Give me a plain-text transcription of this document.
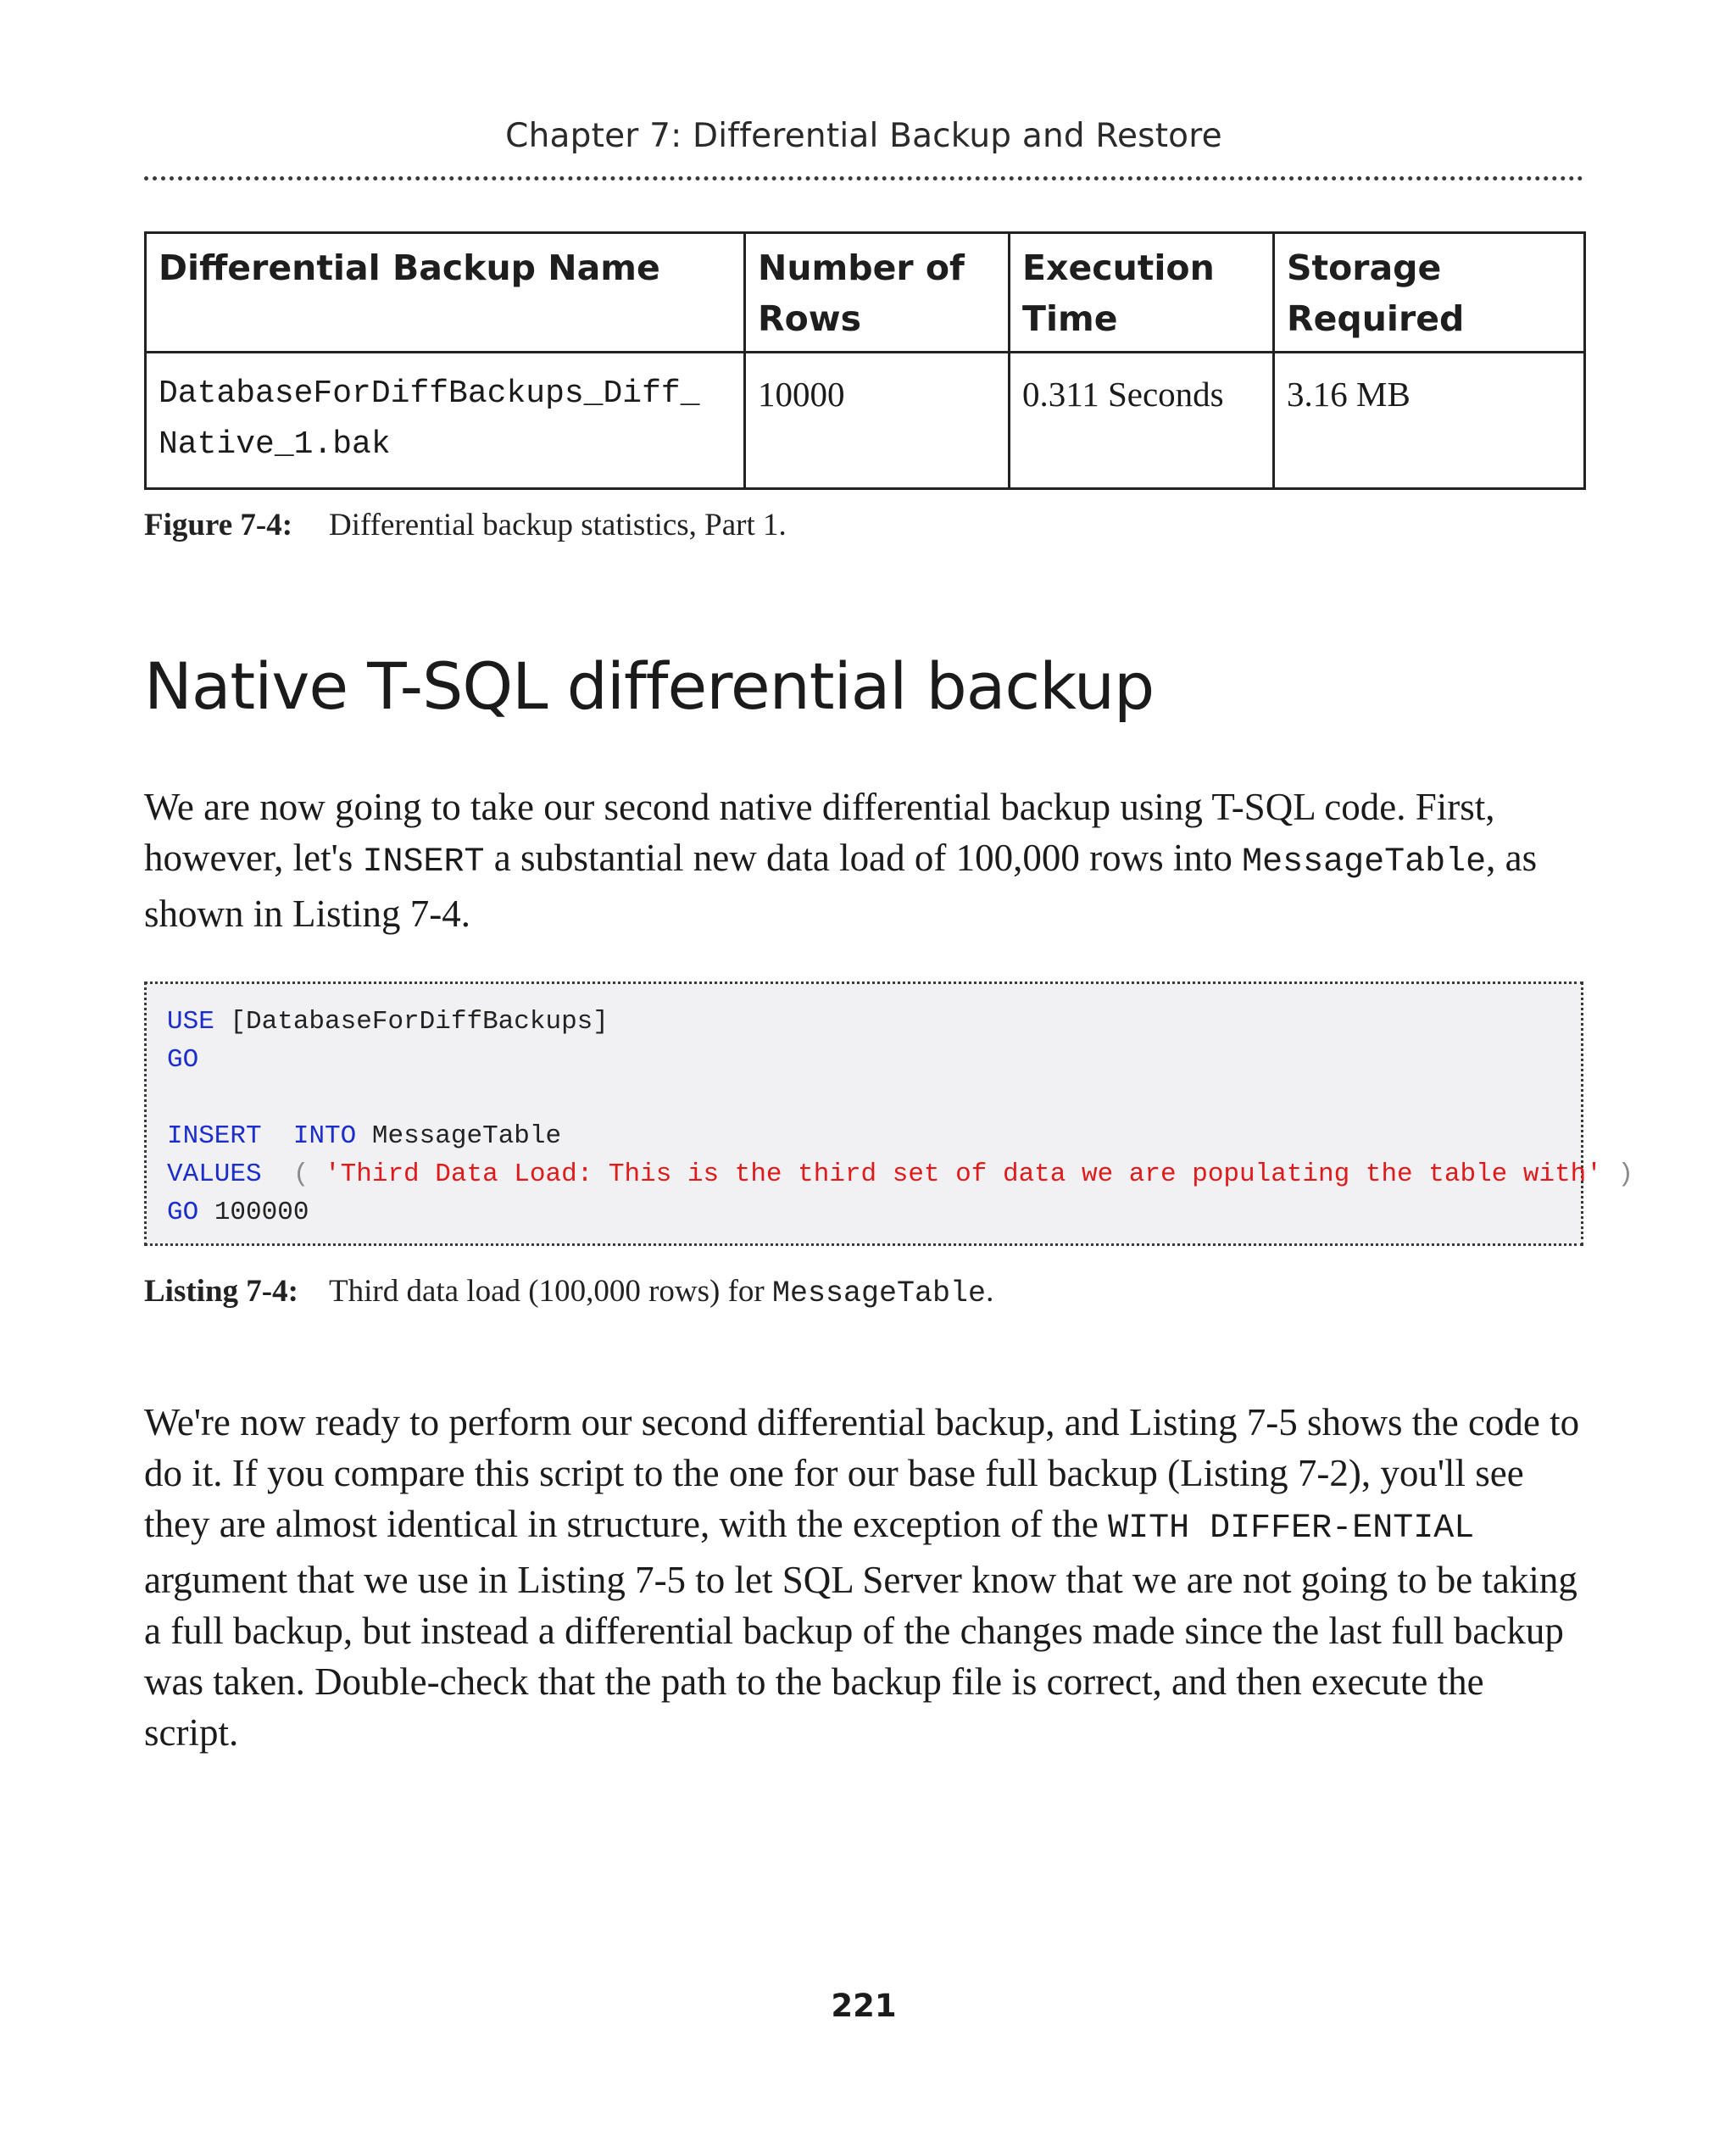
Chapter 7: Differential Backup and Restore
Differential Backup Name	Number of Rows	Execution Time	Storage Required
DatabaseForDiffBackups_Diff_
Native_1.bak	10000	0.311 Seconds	3.16 MB
Figure 7-4: Differential backup statistics, Part 1.
Native T-SQL differential backup

We are now going to take our second native differential backup using T-SQL code. First, however, let's INSERT a substantial new data load of 100,000 rows into MessageTable, as shown in Listing 7-4.

USE [DatabaseForDiffBackups]
GO

INSERT INTO MessageTable
VALUES  ( 'Third Data Load: This is the third set of data we are populating the table with' )
GO 100000
Listing 7-4: Third data load (100,000 rows) for MessageTable.

We're now ready to perform our second differential backup, and Listing 7-5 shows the code to do it. If you compare this script to the one for our base full backup (Listing 7-2), you'll see they are almost identical in structure, with the exception of the WITH DIFFER-ENTIAL argument that we use in Listing 7-5 to let SQL Server know that we are not going to be taking a full backup, but instead a differential backup of the changes made since the last full backup was taken. Double-check that the path to the backup file is correct, and then execute the script.

221
